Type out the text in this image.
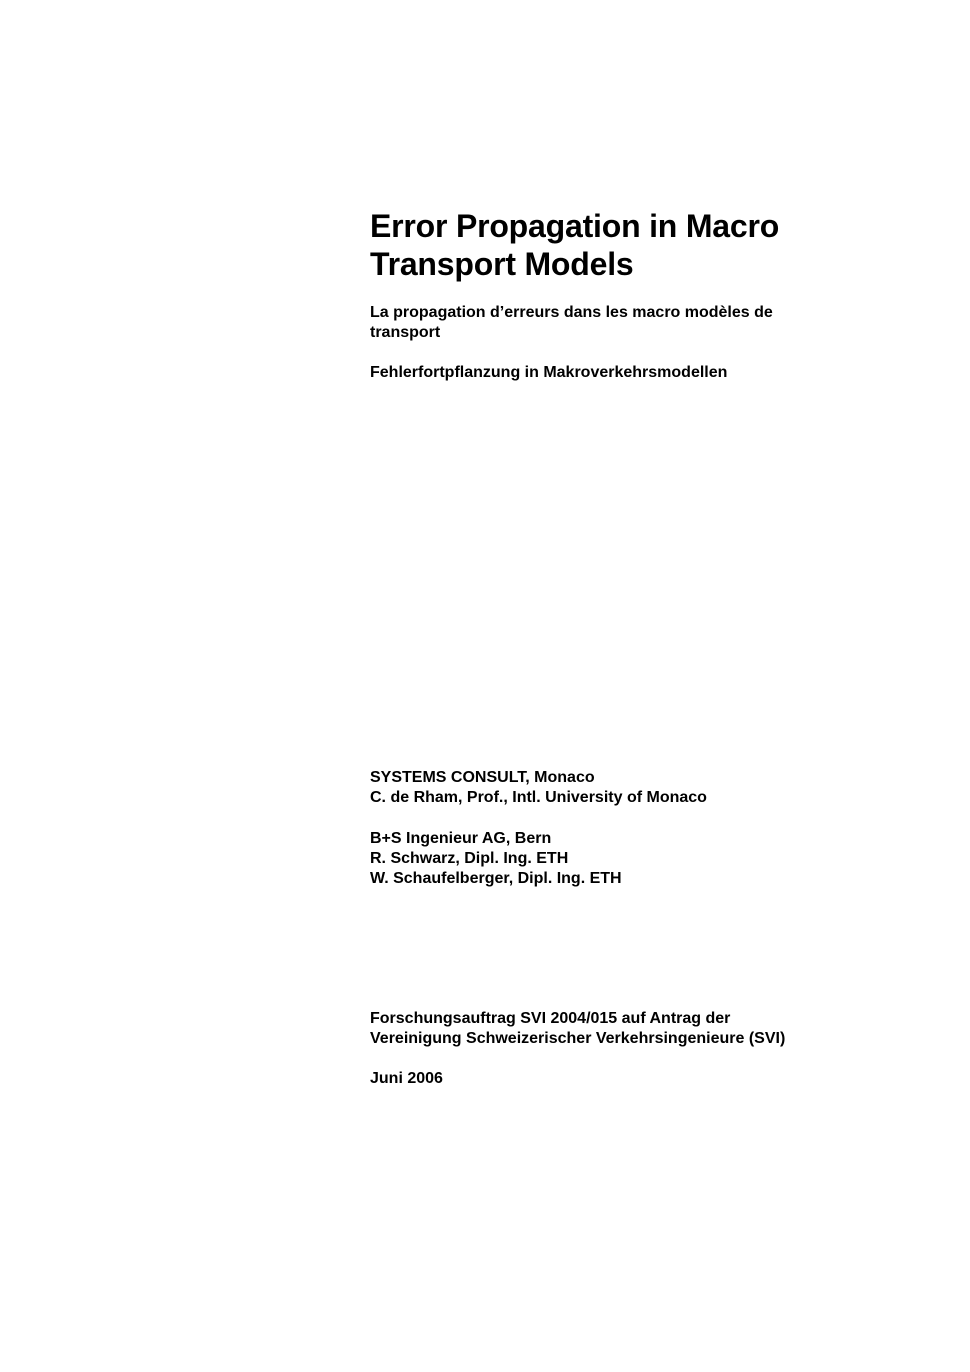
Error Propagation in Macro
Transport Models

La propagation d’erreurs dans les macro modèles de
transport

Fehlerfortpflanzung in Makroverkehrsmodellen

SYSTEMS CONSULT, Monaco
C. de Rham, Prof., Intl. University of Monaco
B+S Ingenieur AG, Bern
R. Schwarz, Dipl. Ing. ETH
W. Schaufelberger, Dipl. Ing. ETH
Forschungsauftrag SVI 2004/015 auf Antrag der
Vereinigung Schweizerischer Verkehrsingenieure (SVI)

Juni 2006
